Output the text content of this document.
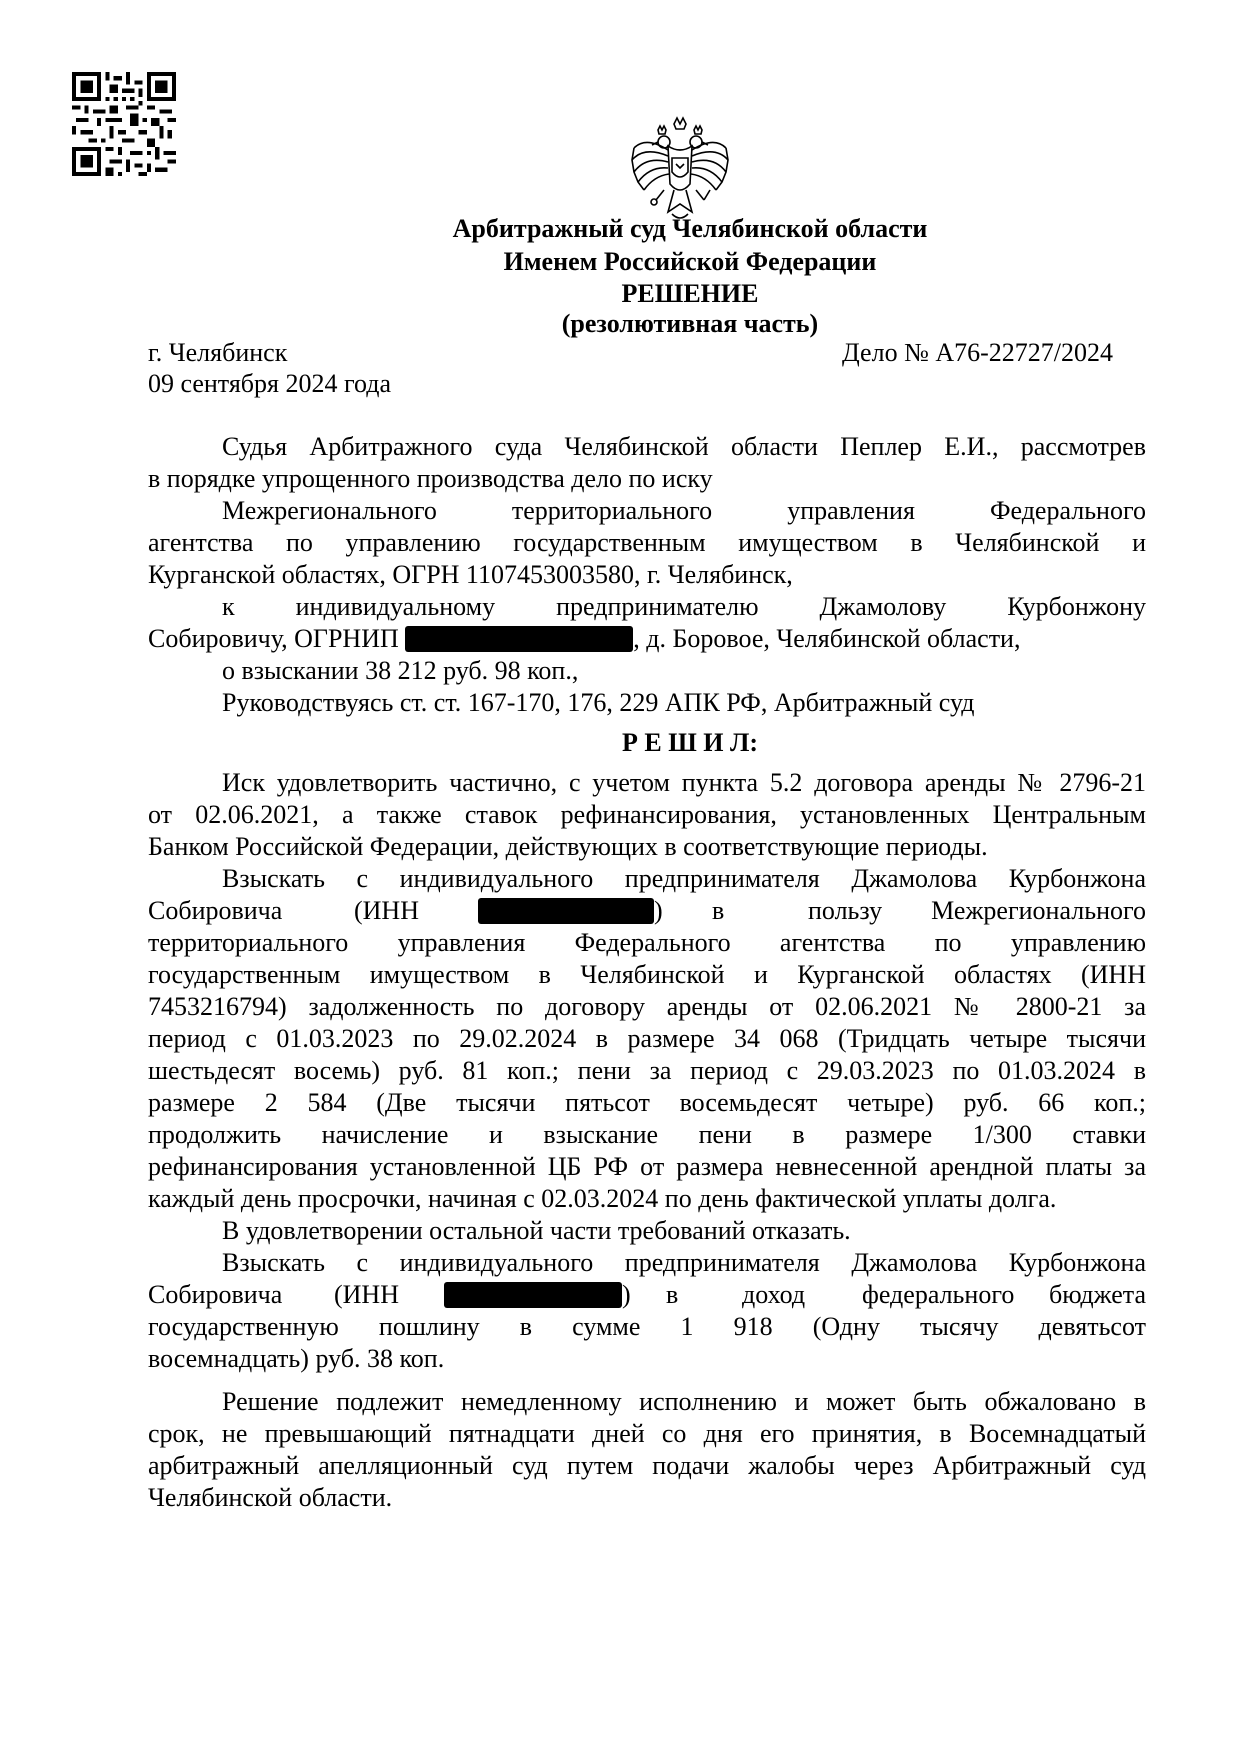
Арбитражный суд Челябинской области
Именем Российской Федерации
РЕШЕНИЕ
(резолютивная часть)
г. Челябинск	Дело № А76-22727/2024
09 сентября 2024 года
Судья Арбитражного суда Челябинской области Пеплер Е.И., рассмотрев
в порядке упрощенного производства дело по иску
Межрегионального территориального управления Федерального
агентства по управлению государственным имуществом в Челябинской и
Курганской областях, ОГРН 1107453003580, г. Челябинск,
к индивидуальному предпринимателю Джамолову Курбонжону
Собировичу, ОГРНИП	, д. Боровое, Челябинской области,
о взыскании 38 212 руб. 98 коп.,
Руководствуясь ст. ст. 167-170, 176, 229 АПК РФ, Арбитражный суд
Р Е Ш И Л:
Иск удовлетворить частично, с учетом пункта 5.2 договора аренды № 2796-21
от 02.06.2021, а также ставок рефинансирования, установленных Центральным
Банком Российской Федерации, действующих в соответствующие периоды.
Взыскать с индивидуального предпринимателя Джамолова Курбонжона
Собировича	(ИНН	) в	пользу Межрегионального
территориального управления Федерального агентства по управлению
государственным имуществом в Челябинской и Курганской областях (ИНН
7453216794) задолженность по договору аренды от 02.06.2021 № 2800-21 за
период с 01.03.2023 по 29.02.2024 в размере 34 068 (Тридцать четыре тысячи
шестьдесят восемь) руб. 81 коп.; пени за период с 29.03.2023 по 01.03.2024 в
размере 2 584 (Две тысячи пятьсот восемьдесят четыре) руб. 66 коп.;
продолжить начисление и взыскание пени в размере 1/300 ставки
рефинансирования установленной ЦБ РФ от размера невнесенной арендной платы за
каждый день просрочки, начиная с 02.03.2024 по день фактической уплаты долга.
В удовлетворении остальной части требований отказать.
Взыскать с индивидуального предпринимателя Джамолова Курбонжона
Собировича (ИНН	) в доход федерального бюджета
государственную пошлину в сумме 1 918 (Одну тысячу девятьсот
восемнадцать) руб. 38 коп.
Решение подлежит немедленному исполнению и может быть обжаловано в
срок, не превышающий пятнадцати дней со дня его принятия, в Восемнадцатый
арбитражный апелляционный суд путем подачи жалобы через Арбитражный суд
Челябинской области.
